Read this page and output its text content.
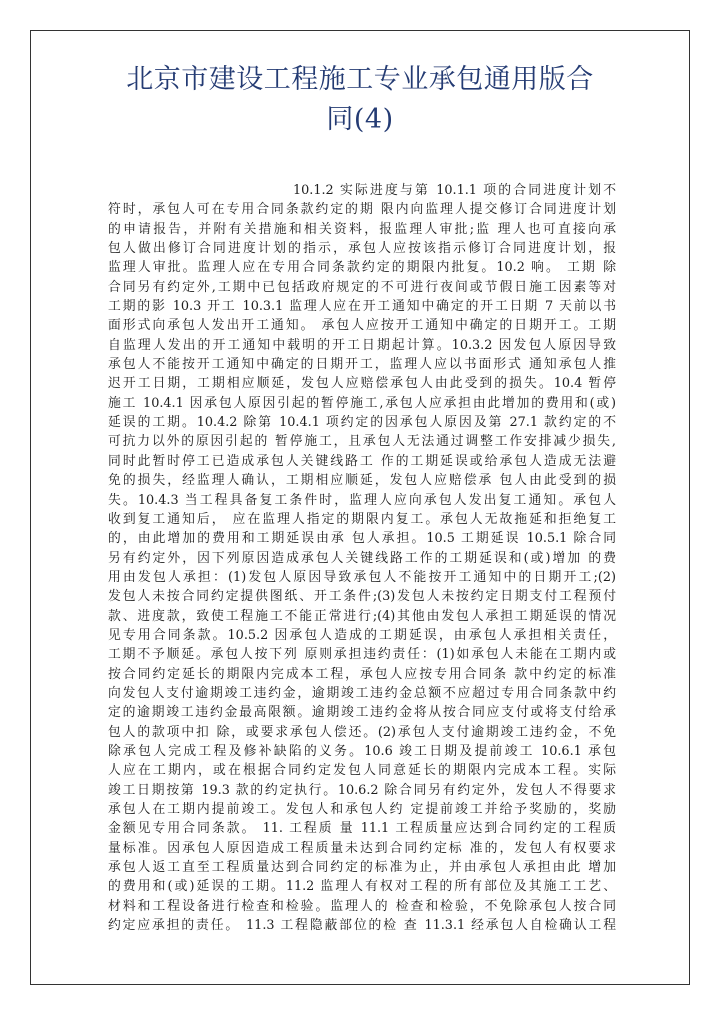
北京市建设工程施工专业承包通用版合
同(4)
10.1.2 实际进度与第 10.1.1 项的合同进度计划不
符时，承包人可在专用合同条款约定的期 限内向监理人提交修订合同进度计划
的申请报告，并附有关措施和相关资料，报监理人审批;监 理人也可直接向承
包人做出修订合同进度计划的指示，承包人应按该指示修订合同进度计划，报
监理人审批。监理人应在专用合同条款约定的期限内批复。10.2 响。 工期 除
合同另有约定外,工期中已包括政府规定的不可进行夜间或节假日施工因素等对
工期的影 10.3 开工 10.3.1 监理人应在开工通知中确定的开工日期 7 天前以书
面形式向承包人发出开工通知。 承包人应按开工通知中确定的日期开工。工期
自监理人发出的开工通知中载明的开工日期起计算。10.3.2 因发包人原因导致
承包人不能按开工通知中确定的日期开工，监理人应以书面形式 通知承包人推
迟开工日期，工期相应顺延，发包人应赔偿承包人由此受到的损失。10.4 暂停
施工 10.4.1 因承包人原因引起的暂停施工,承包人应承担由此增加的费用和(或)
延误的工期。10.4.2 除第 10.4.1 项约定的因承包人原因及第 27.1 款约定的不
可抗力以外的原因引起的 暂停施工，且承包人无法通过调整工作安排减少损失,
同时此暂时停工已造成承包人关键线路工 作的工期延误或给承包人造成无法避
免的损失，经监理人确认，工期相应顺延，发包人应赔偿承 包人由此受到的损
失。10.4.3 当工程具备复工条件时，监理人应向承包人发出复工通知。承包人
收到复工通知后， 应在监理人指定的期限内复工。承包人无故拖延和拒绝复工
的，由此增加的费用和工期延误由承 包人承担。10.5 工期延误 10.5.1 除合同
另有约定外，因下列原因造成承包人关键线路工作的工期延误和(或)增加 的费
用由发包人承担：(1)发包人原因导致承包人不能按开工通知中的日期开工;(2)
发包人未按合同约定提供图纸、开工条件;(3)发包人未按约定日期支付工程预付
款、进度款，致使工程施工不能正常进行;(4)其他由发包人承担工期延误的情况
见专用合同条款。10.5.2 因承包人造成的工期延误，由承包人承担相关责任，
工期不予顺延。承包人按下列 原则承担违约责任：(1)如承包人未能在工期内或
按合同约定延长的期限内完成本工程，承包人应按专用合同条 款中约定的标准
向发包人支付逾期竣工违约金，逾期竣工违约金总额不应超过专用合同条款中约
定的逾期竣工违约金最高限额。逾期竣工违约金将从按合同应支付或将支付给承
包人的款项中扣 除，或要求承包人偿还。(2)承包人支付逾期竣工违约金，不免
除承包人完成工程及修补缺陷的义务。10.6 竣工日期及提前竣工 10.6.1 承包
人应在工期内，或在根据合同约定发包人同意延长的期限内完成本工程。实际
竣工日期按第 19.3 款的约定执行。10.6.2 除合同另有约定外，发包人不得要求
承包人在工期内提前竣工。发包人和承包人约 定提前竣工并给予奖励的，奖励
金额见专用合同条款。 11. 工程质 量 11.1 工程质量应达到合同约定的工程质
量标准。因承包人原因造成工程质量未达到合同约定标 准的，发包人有权要求
承包人返工直至工程质量达到合同约定的标准为止，并由承包人承担由此 增加
的费用和(或)延误的工期。11.2 监理人有权对工程的所有部位及其施工工艺、
材料和工程设备进行检查和检验。监理人的 检查和检验，不免除承包人按合同
约定应承担的责任。 11.3 工程隐蔽部位的检 查 11.3.1 经承包人自检确认工程
